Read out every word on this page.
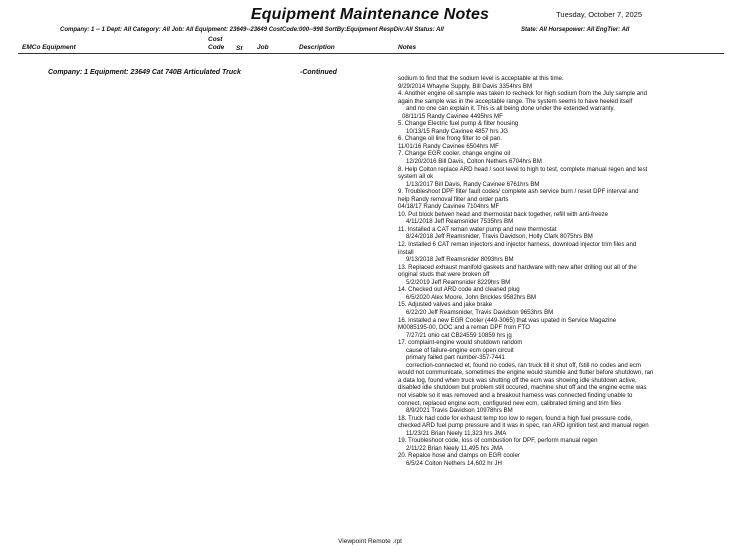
Equipment Maintenance Notes	Tuesday, October 7, 2025
Company: 1 -- 1 Dept: All Category: All Job: All Equipment: 23649--23649 CostCode:000--998 SortBy:Equipment RespDiv:All Status: All	State: All Horsepower: All EngTier: All
EMCo Equipment
Cost
Code St Job	Description	Notes
Company: 1 Equipment: 23649 Cat 740B Articulated Truck	-Continued
sodium to find that the sodium level is acceptable at this time.
9/29/2014 Whayne Supply, Bill Davis 3354hrs BM
4. Another engine oil sample was taken to recheck for high sodium from the July sample and
again the sample was in the acceptable range. The system seems to have heeled itself
and no one can explain it. This is all being done under the extended warranty.
08/11/15 Randy Cavinee 4495hrs MF
5. Change Electric fuel pump & filter housing
10/13/15 Randy Cavinee 4857 hrs JG
6. Change oil line frong filter to oil pan.
11/01/16 Randy Cavinee 6504hrs MF
7. Change EGR cooler, change engine oil
12/20/2016 Bill Davis, Colton Nethers 6704hrs BM
8. Help Colton replace ARD head / soot level to high to test, complete manual regen and test
system all ok
1/13/2017 Bill Davis, Randy Cavinee 6761hrs BM
9. Troubleshoot DPF filter fault codes/ complete ash service burn / reset DPF interval and
help Randy removal filter and order parts
04/18/17 Randy Cavinee 7104hrs MF
10. Put block betwen head and thermostat back together, refill with anti-freeze
4/11/2018 Jeff Reamsnider 7535hrs BM
11. Installed a CAT reman water pump and new thermostat
8/24/2018 Jeff Reamsnider, Travis Davidson, Holly Clark 8075hrs BM
12. Installed 6 CAT reman injectors and injector harness, download injector trim files and
install
9/13/2018 Jeff Reamsnider 8093hrs BM
13. Replaced exhaust manifold gaskets and hardware with new after drilling out all of the
original studs that were broken off
5/2/2019 Jeff Reamsnider 8229hrs BM
14. Checked out ARD code and cleaned plug
6/5/2020 Alex Moore, John Brickles 9582hrs BM
15. Adjusted valves and jake brake
6/22/20 Jeff Reamsnider, Travis Davidson 9653hrs BM
16. Installed a new EGR Cooler (449-3065) that was upated in Service Magazine
M0085195-00, DOC and a reman DPF from FTO
7/27/21 ohio cat CB24559 10859 hrs jg
17. complaint-engine would shutdown random
cause of failure-engine ecm open circuit
primary failed part number-357-7441
correction-connected et, found no codes, ran truck till it shut off, fstill no codes and ecm
would not communicate, sometimes the engine would stumble and flutter before shutdown, ran
a data log, found when truck was shutting off the ecm was showing idle shutdown active,
disabled idle shutdown but problem still occured, machine shut off and the engine ecme was
not visable so it was removed and a breakout harness was connected finding unable to
connect, replaced engine ecm, configured new ecm, calibrated timing and trim files
8/9/2021 Travis Davidson 10978hrs BM
18. Truck had code for exhaust temp too low to regen, found a high fuel pressure code,
checked ARD fuel pump pressure and it was in spec, ran ARD ignition test and manual regen
11/23/21 Brian Neely 11,323 hrs JMA
19. Troubleshoot code, loss of combustion for DPF, perform manual regen
2/11/22 Brian Neely 11,495 hrs JMA
20. Repalce hose and clamps on EGR cooler
6/5/24 Colton Nethers 14,602 hr JH
Viewpoint Remote .rpt
